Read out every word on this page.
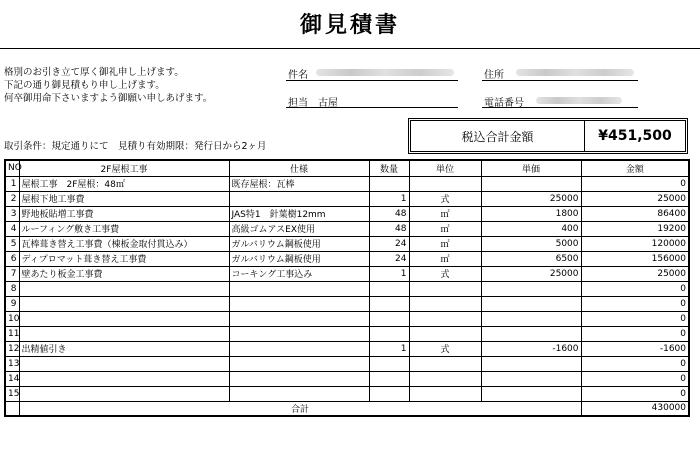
御見積書
格別のお引き立て厚く御礼申し上げます。
下記の通り御見積もり申し上げます。
何卒御用命下さいますよう御願い申しあげます。
件名	住所
担当 古屋	電話番号
取引条件：規定通りにて　見積り有効期限：発行日から2ヶ月
税込合計金額	¥451,500
NO	2F屋根工事	仕様	数量	単位	単価	金額
1	屋根工事　2F屋根：48㎡	既存屋根：瓦棒				0
2	屋根下地工事費		1	式	25000	25000
3	野地板貼増工事費	JAS特1　針葉樹12mm	48	㎡	1800	86400
4	ルーフィング敷き工事費	高級ゴムアスEX使用	48	㎡	400	19200
5	瓦棒葺き替え工事費（棟板金取付貫込み）	ガルバリウム鋼板使用	24	㎡	5000	120000
6	ディプロマット葺き替え工事費	ガルバリウム鋼板使用	24	㎡	6500	156000
7	壁あたり板金工事費	コーキング工事込み	1	式	25000	25000
8						0
9						0
10						0
11						0
12	出精値引き		1	式	-1600	-1600
13						0
14						0
15						0
	合計					430000
